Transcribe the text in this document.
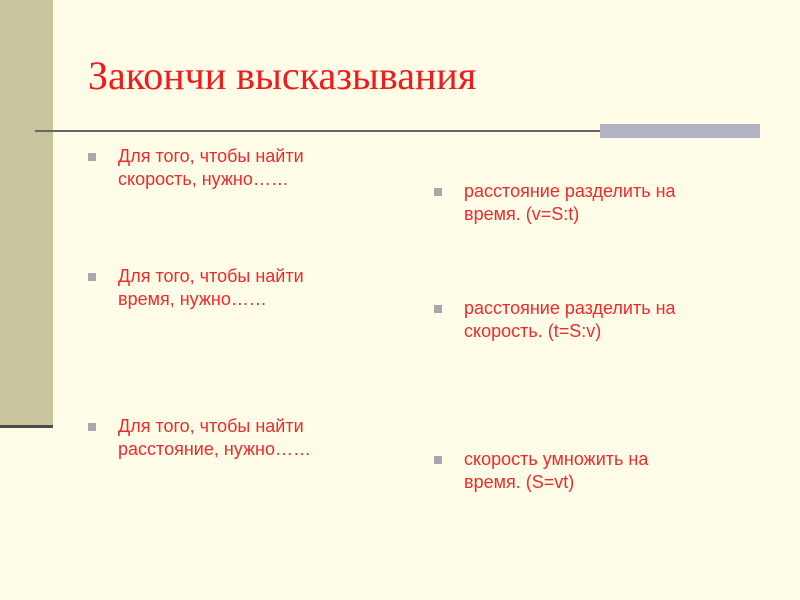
Закончи высказывания
Для того, чтобы найти
скорость, нужно……
Для того, чтобы найти
время, нужно……
Для того, чтобы найти
расстояние, нужно……
расстояние разделить на
время. (v=S:t)
расстояние разделить на
скорость. (t=S:v)
скорость умножить на
время. (S=vt)
